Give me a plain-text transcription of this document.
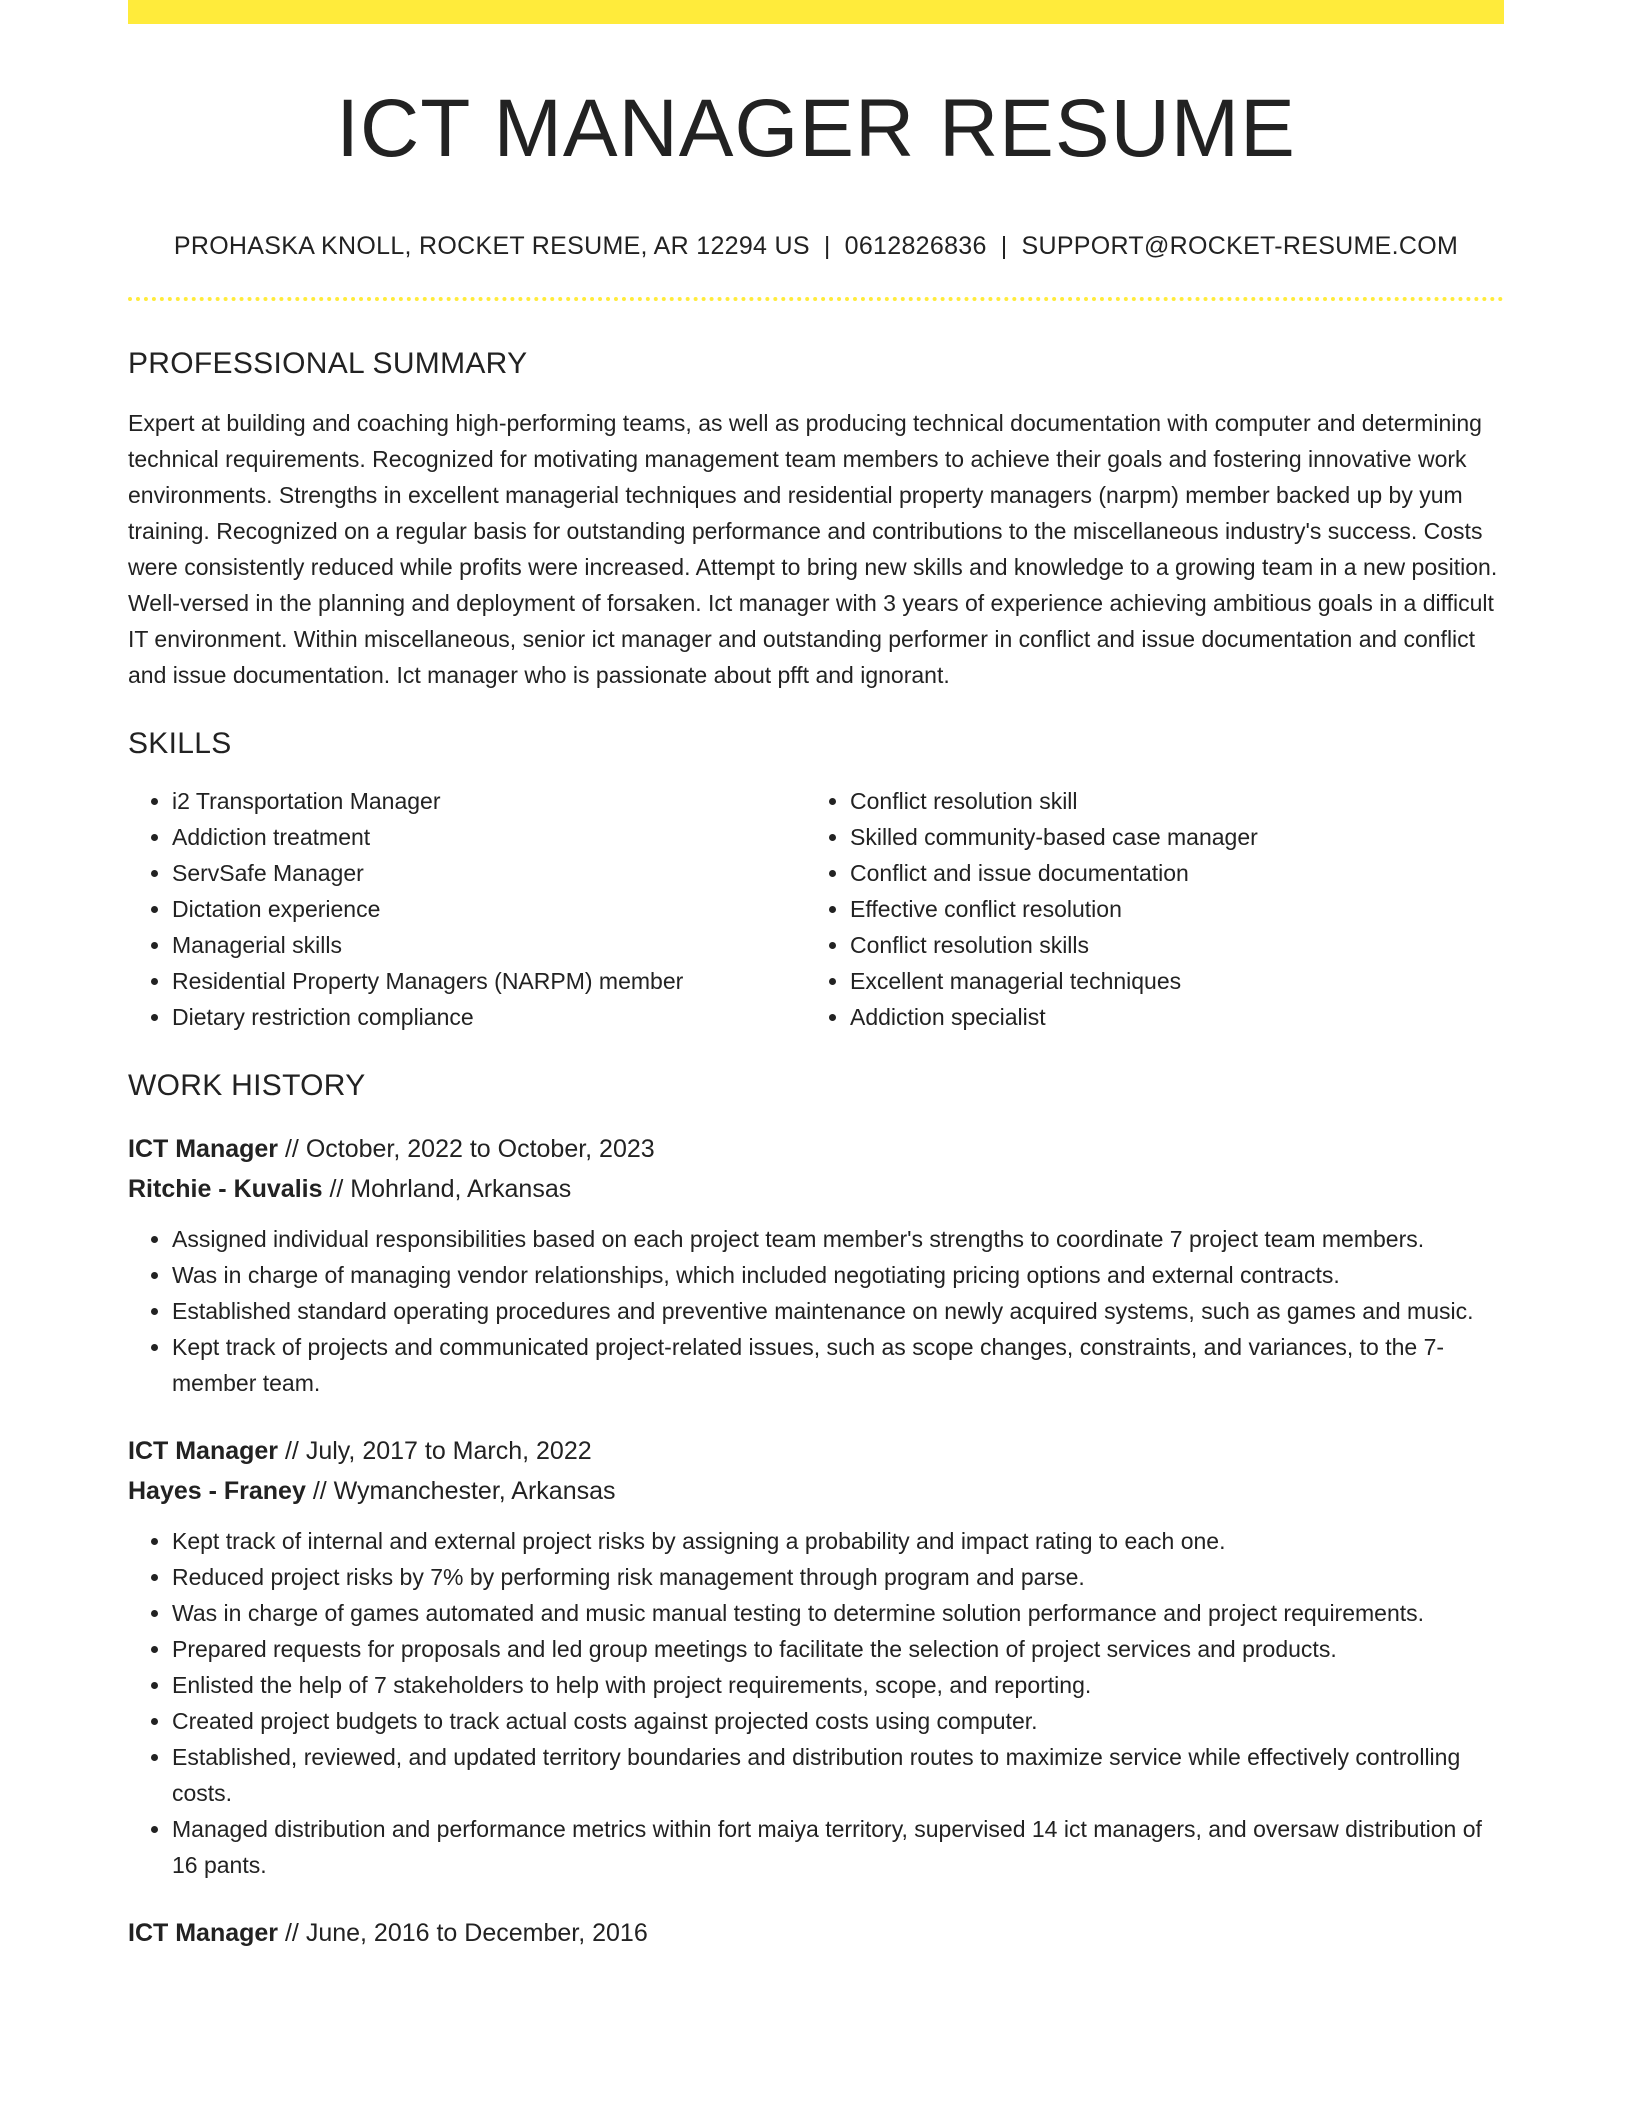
ICT MANAGER RESUME
PROHASKA KNOLL, ROCKET RESUME, AR 12294 US | 0612826836 | SUPPORT@ROCKET-RESUME.COM
PROFESSIONAL SUMMARY

Expert at building and coaching high-performing teams, as well as producing technical documentation with computer and determining technical requirements. Recognized for motivating management team members to achieve their goals and fostering innovative work environments. Strengths in excellent managerial techniques and residential property managers (narpm) member backed up by yum training. Recognized on a regular basis for outstanding performance and contributions to the miscellaneous industry's success. Costs were consistently reduced while profits were increased. Attempt to bring new skills and knowledge to a growing team in a new position. Well-versed in the planning and deployment of forsaken. Ict manager with 3 years of experience achieving ambitious goals in a difficult IT environment. Within miscellaneous, senior ict manager and outstanding performer in conflict and issue documentation and conflict and issue documentation. Ict manager who is passionate about pfft and ignorant.

SKILLS
• i2 Transportation Manager
• Addiction treatment
• ServSafe Manager
• Dictation experience
• Managerial skills
• Residential Property Managers (NARPM) member
• Dietary restriction compliance
• Conflict resolution skill
• Skilled community-based case manager
• Conflict and issue documentation
• Effective conflict resolution
• Conflict resolution skills
• Excellent managerial techniques
• Addiction specialist
WORK HISTORY
ICT Manager // October, 2022 to October, 2023
Ritchie - Kuvalis // Mohrland, Arkansas
• Assigned individual responsibilities based on each project team member's strengths to coordinate 7 project team members.
• Was in charge of managing vendor relationships, which included negotiating pricing options and external contracts.
• Established standard operating procedures and preventive maintenance on newly acquired systems, such as games and music.
• Kept track of projects and communicated project-related issues, such as scope changes, constraints, and variances, to the 7-member team.
ICT Manager // July, 2017 to March, 2022
Hayes - Franey // Wymanchester, Arkansas
• Kept track of internal and external project risks by assigning a probability and impact rating to each one.
• Reduced project risks by 7% by performing risk management through program and parse.
• Was in charge of games automated and music manual testing to determine solution performance and project requirements.
• Prepared requests for proposals and led group meetings to facilitate the selection of project services and products.
• Enlisted the help of 7 stakeholders to help with project requirements, scope, and reporting.
• Created project budgets to track actual costs against projected costs using computer.
• Established, reviewed, and updated territory boundaries and distribution routes to maximize service while effectively controlling costs.
• Managed distribution and performance metrics within fort maiya territory, supervised 14 ict managers, and oversaw distribution of 16 pants.
ICT Manager // June, 2016 to December, 2016
